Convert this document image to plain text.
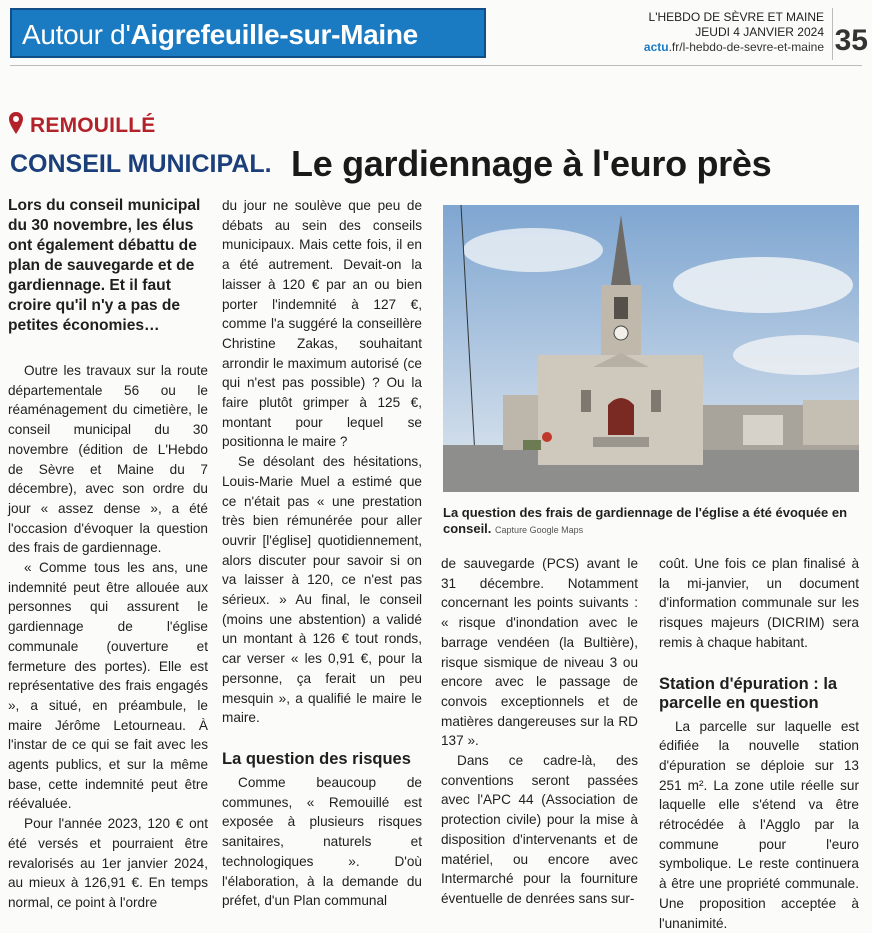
Autour d'Aigrefeuille-sur-Maine
L'HEBDO DE SÈVRE ET MAINE
JEUDI 4 JANVIER 2024
actu.fr/l-hebdo-de-sevre-et-maine 35
REMOUILLÉ
CONSEIL MUNICIPAL. Le gardiennage à l'euro près

Lors du conseil municipal du 30 novembre, les élus ont également débattu de plan de sauvegarde et de gardiennage. Et il faut croire qu'il n'y a pas de petites économies…

Outre les travaux sur la route départementale 56 ou le réaménagement du cimetière, le conseil municipal du 30 novembre (édition de L'Hebdo de Sèvre et Maine du 7 décembre), avec son ordre du jour « assez dense », a été l'occasion d'évoquer la question des frais de gardiennage.

« Comme tous les ans, une indemnité peut être allouée aux personnes qui assurent le gardiennage de l'église communale (ouverture et fermeture des portes). Elle est représentative des frais engagés », a situé, en préambule, le maire Jérôme Letourneau. À l'instar de ce qui se fait avec les agents publics, et sur la même base, cette indemnité peut être réévaluée.

Pour l'année 2023, 120 € ont été versés et pourraient être revalorisés au 1er janvier 2024, au mieux à 126,91 €. En temps normal, ce point à l'ordre

du jour ne soulève que peu de débats au sein des conseils municipaux. Mais cette fois, il en a été autrement. Devait-on la laisser à 120 € par an ou bien porter l'indemnité à 127 €, comme l'a suggéré la conseillère Christine Zakas, souhaitant arrondir le maximum autorisé (ce qui n'est pas possible) ? Ou la faire plutôt grimper à 125 €, montant pour lequel se positionna le maire ?

Se désolant des hésitations, Louis-Marie Muel a estimé que ce n'était pas « une prestation très bien rémunérée pour aller ouvrir [l'église] quotidiennement, alors discuter pour savoir si on va laisser à 120, ce n'est pas sérieux. » Au final, le conseil (moins une abstention) a validé un montant à 126 € tout ronds, car verser « les 0,91 €, pour la personne, ça ferait un peu mesquin », a qualifié le maire le maire.

La question des risques

Comme beaucoup de communes, « Remouillé est exposée à plusieurs risques sanitaires, naturels et technologiques ». D'où l'élaboration, à la demande du préfet, d'un Plan communal

La question des frais de gardiennage de l'église a été évoquée en conseil. Capture Google Maps

de sauvegarde (PCS) avant le 31 décembre. Notamment concernant les points suivants : « risque d'inondation avec le barrage vendéen (la Bultière), risque sismique de niveau 3 ou encore avec le passage de convois exceptionnels et de matières dangereuses sur la RD 137 ».

Dans ce cadre-là, des conventions seront passées avec l'APC 44 (Association de protection civile) pour la mise à disposition d'intervenants et de matériel, ou encore avec Intermarché pour la fourniture éventuelle de denrées sans sur-

coût. Une fois ce plan finalisé à la mi-janvier, un document d'information communale sur les risques majeurs (DICRIM) sera remis à chaque habitant.

Station d'épuration : la parcelle en question

La parcelle sur laquelle est édifiée la nouvelle station d'épuration se déploie sur 13 251 m². La zone utile réelle sur laquelle elle s'étend va être rétrocédée à l'Agglo par la commune pour l'euro symbolique. Le reste continuera à être une propriété communale. Une proposition acceptée à l'unanimité.
